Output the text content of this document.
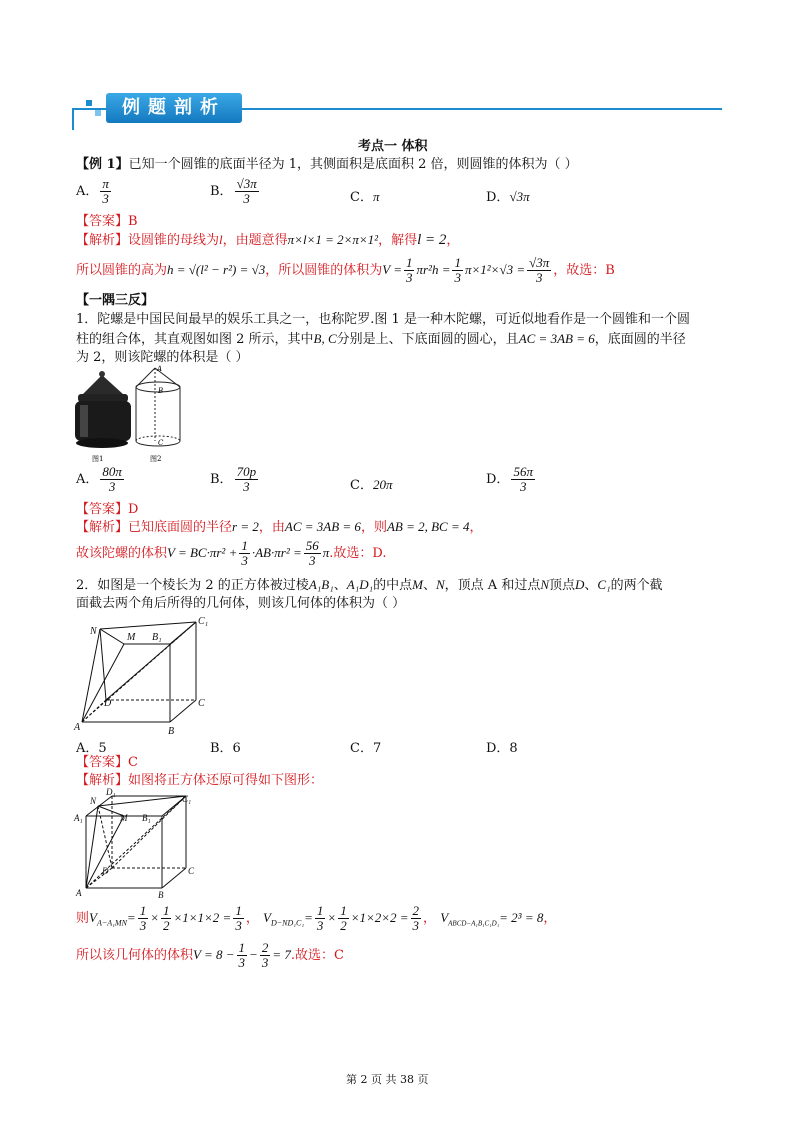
例题剖析
考点一 体积
【例 1】已知一个圆锥的底面半径为 1，其侧面积是底面积 2 倍，则圆锥的体积为（ ）
A． $\frac{\pi}{3}$	B． $\frac{√3\pi}{3}$	C．π	D．√3π
【答案】B
【解析】设圆锥的母线为l，由题意得π×l×1 = 2×π×1²，解得l = 2，
所以圆锥的高为h = √(l² − r²) = √3，所以圆锥的体积为$V = \frac{1}{3} \pi r^2h = \frac{1}{3} \pi\times 1^2\times√3 = \frac{√3\pi}{3}$ ，故选：B
【一隅三反】
1．陀螺是中国民间最早的娱乐工具之一，也称陀罗.图 1 是一种木陀螺，可近似地看作是一个圆锥和一个圆
柱的组合体，其直观图如图 2 所示，其中B, C分别是上、下底面圆的圆心，且AC = 3AB = 6，底面圆的半径
为 2，则该陀螺的体积是（ ）
A
B
C
图1	图2
A． $\frac{80\pi}{3}$	B． $\frac{70p}{3}$	C．20π	D． $\frac{56\pi}{3}$
【答案】D
【解析】已知底面圆的半径r = 2，由AC = 3AB = 6，则AB = 2, BC = 4，
故该陀螺的体积$V = BC\cdot\pi r^2 + \frac{1}{3} \cdot AB\cdot\pi r^2 = \frac{56}{3} \pi$.故选：D.
2．如图是一个棱长为 2 的正方体被过棱A₁B₁、A₁D₁的中点M、N，顶点 A 和过点N顶点D、C₁的两个截
面截去两个角后所得的几何体，则该几何体的体积为（ ）
N
M B₁
C₁
D
A	B
C
A．5	B．6	C．7	D．8
【答案】C
【解析】如图将正方体还原可得如下图形：
D₁
C₁
N
A₁	M B₁
D	C
A	B
则$V_{A-A_1MN}= \frac{1}{3} \times \frac{1}{2} \times 1\times 1\times 2 = \frac{1}{3}$ ， $V_{D-ND_1C_1}= \frac{1}{3} \times \frac{1}{2} \times 1\times 2\times 2 = \frac{2}{3}$ ， $V_{ABCD-A_1B_1C_1D_1}= 2^3 = 8$，
所以该几何体的体积$V = 8 - \frac{1}{3} - \frac{2}{3} = 7$.故选：C
第 2 页 共 38 页
